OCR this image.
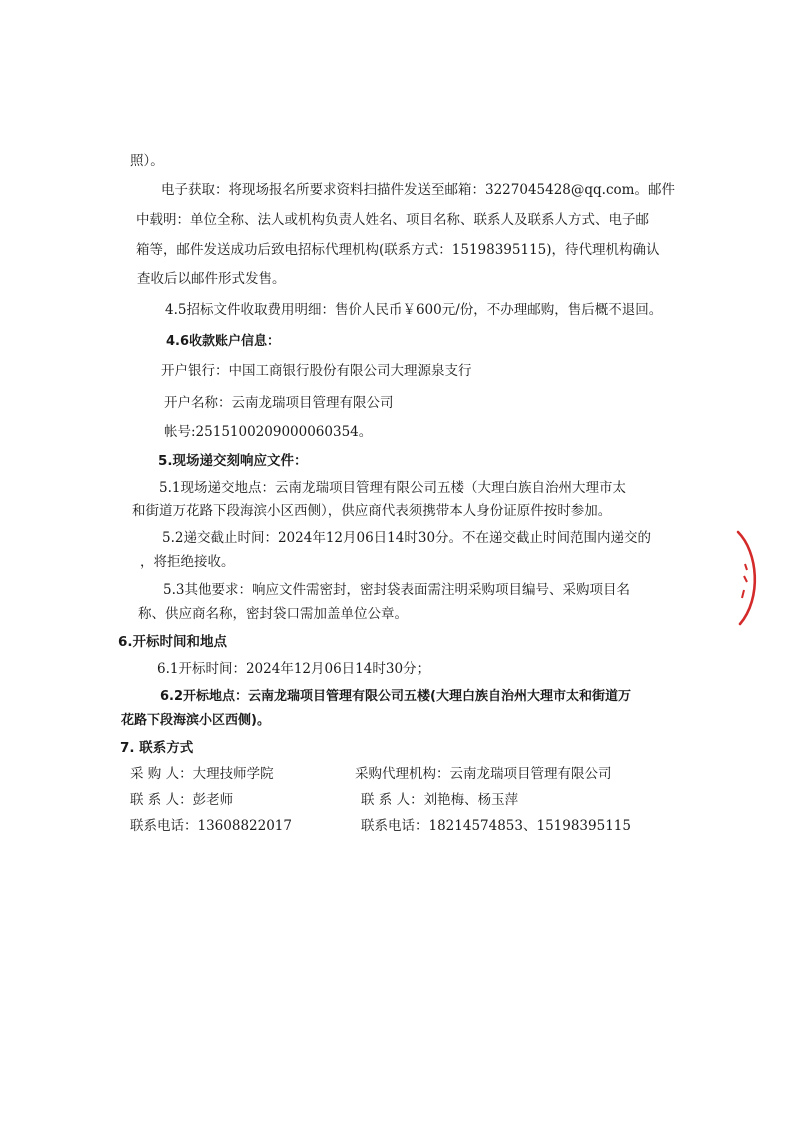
照）。
电子获取：将现场报名所要求资料扫描件发送至邮箱：3227045428@qq.com。邮件
中载明：单位全称、法人或机构负责人姓名、项目名称、联系人及联系人方式、电子邮
箱等，邮件发送成功后致电招标代理机构(联系方式：15198395115)，待代理机构确认
查收后以邮件形式发售。
4.5招标文件收取费用明细：售价人民币￥600元/份，不办理邮购，售后概不退回。
4.6收款账户信息：
开户银行：中国工商银行股份有限公司大理源泉支行
开户名称：云南龙瑞项目管理有限公司
帐号:2515100209000060354。
5.现场递交刻响应文件：
5.1现场递交地点：云南龙瑞项目管理有限公司五楼（大理白族自治州大理市太
和街道万花路下段海滨小区西侧），供应商代表须携带本人身份证原件按时参加。
5.2递交截止时间：2024年12月06日14时30分。不在递交截止时间范围内递交的
，将拒绝接收。
5.3其他要求：响应文件需密封，密封袋表面需注明采购项目编号、采购项目名
称、供应商名称，密封袋口需加盖单位公章。
6.开标时间和地点
6.1开标时间：2024年12月06日14时30分；
6.2开标地点：云南龙瑞项目管理有限公司五楼(大理白族自治州大理市太和街道万
花路下段海滨小区西侧)。
7. 联系方式
采 购 人：大理技师学院	采购代理机构：云南龙瑞项目管理有限公司
联 系 人：彭老师	联 系 人：刘艳梅、杨玉萍
联系电话：13608822017	联系电话：18214574853、15198395115
